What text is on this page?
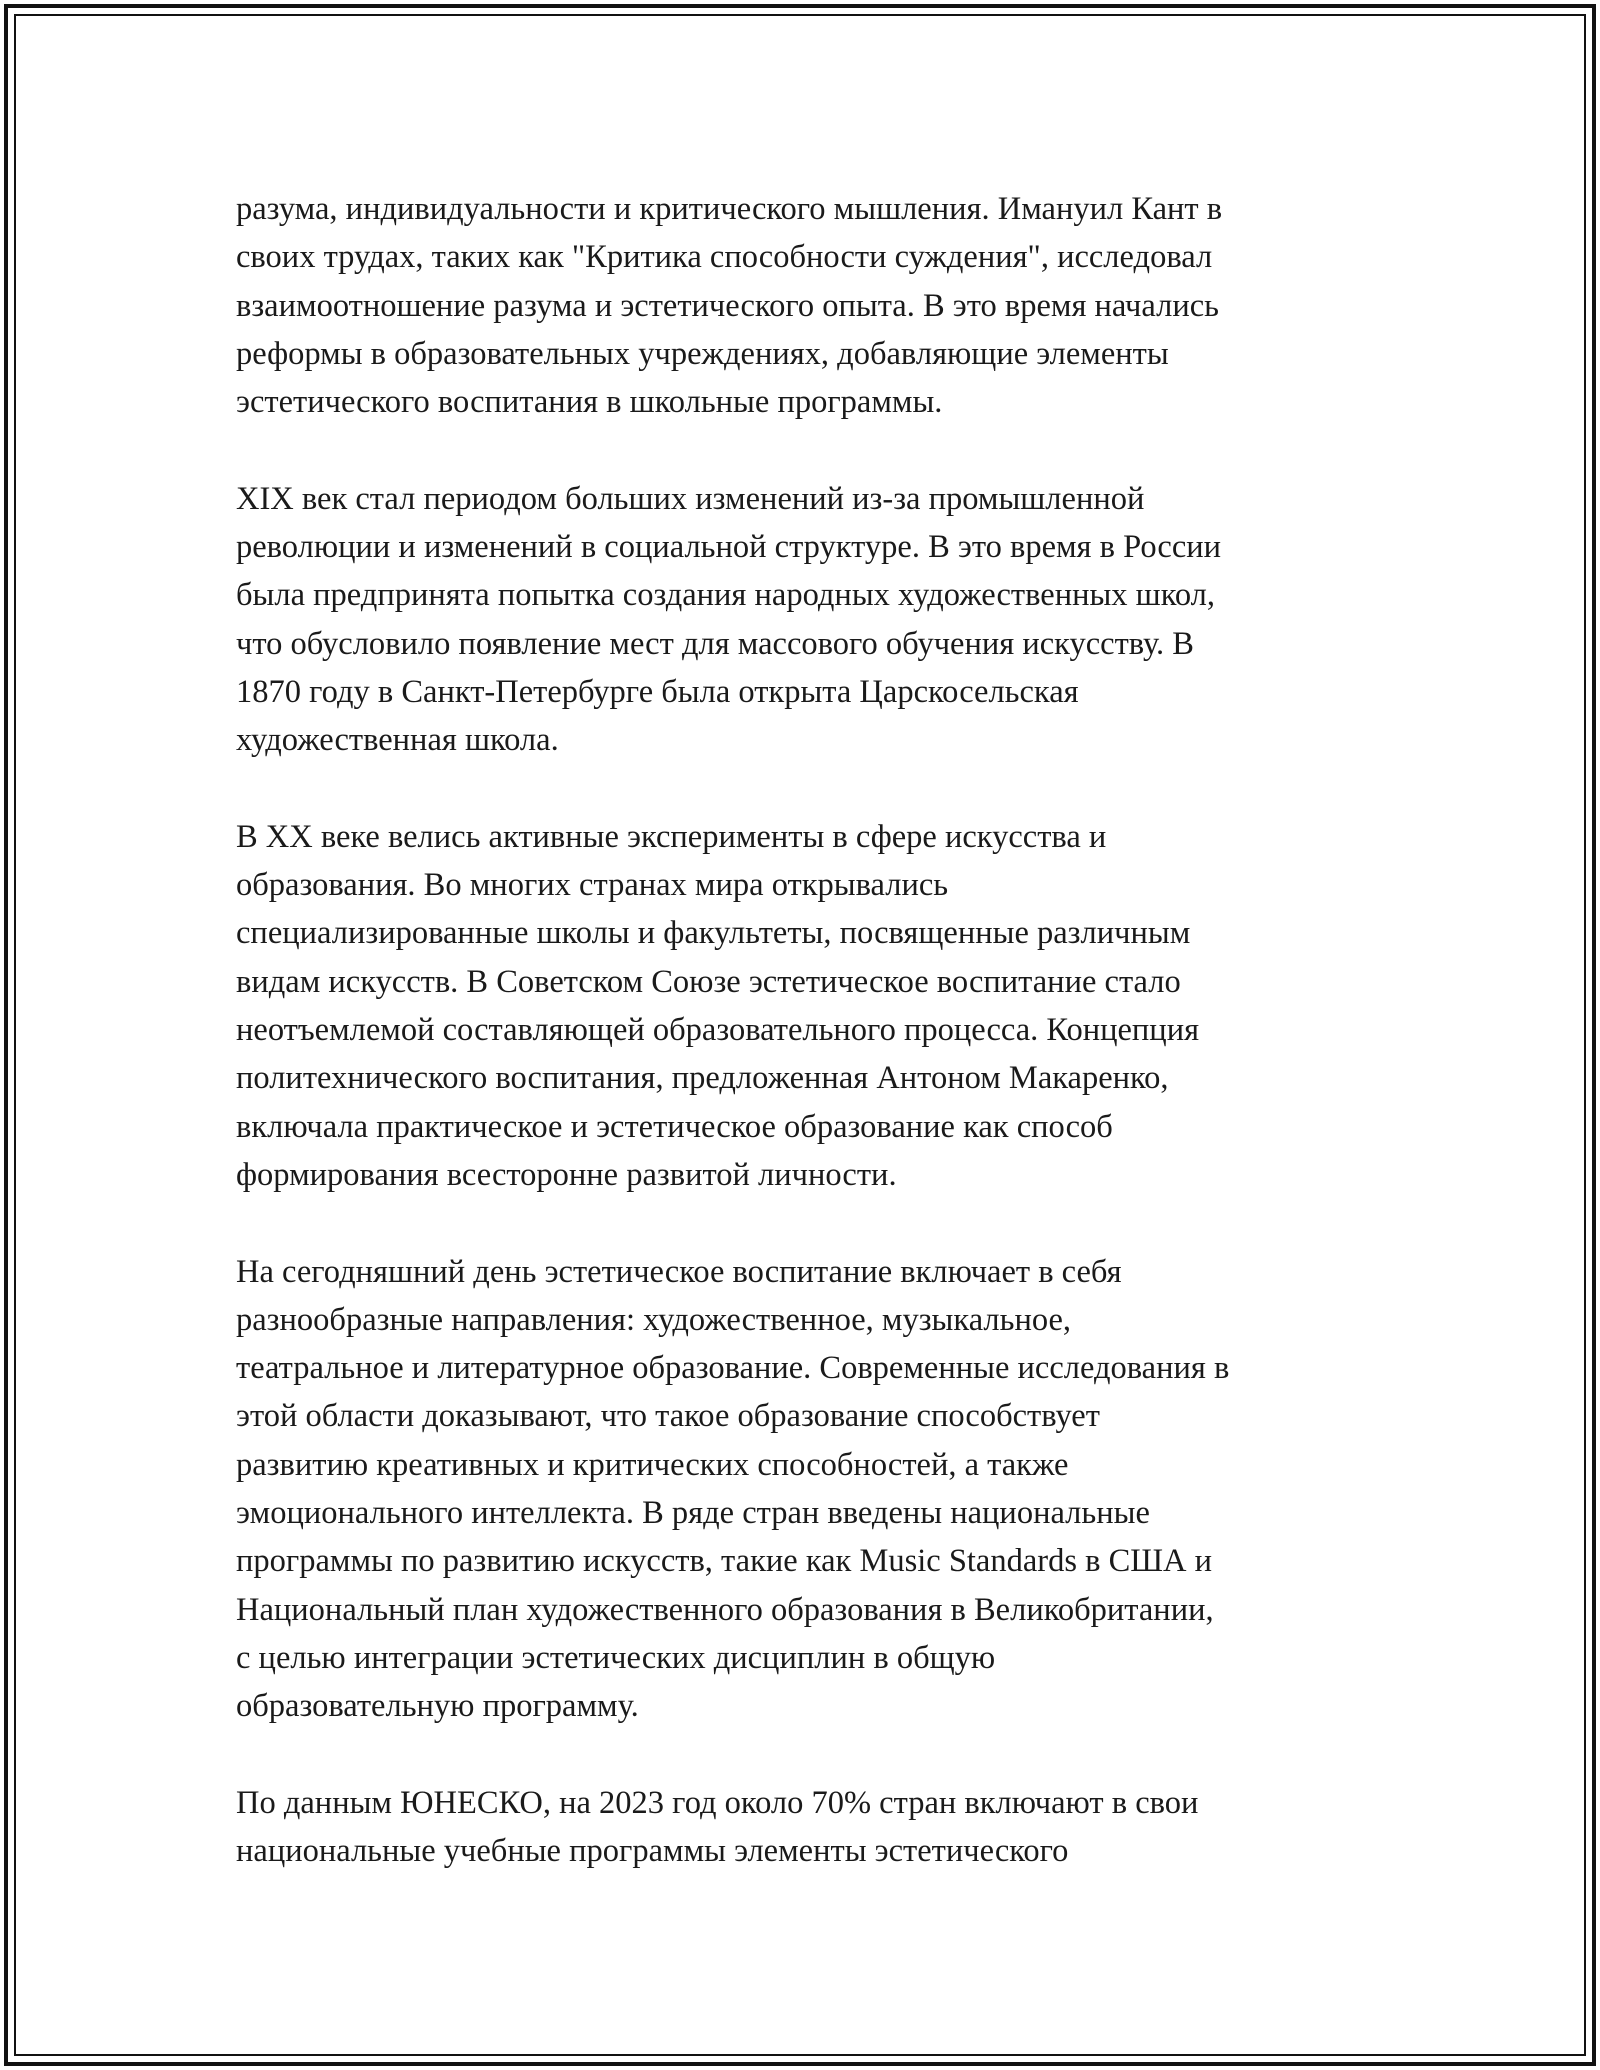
разума, индивидуальности и критического мышления. Имануил Кант в
своих трудах, таких как "Критика способности суждения", исследовал
взаимоотношение разума и эстетического опыта. В это время начались
реформы в образовательных учреждениях, добавляющие элементы
эстетического воспитания в школьные программы.

XIX век стал периодом больших изменений из-за промышленной
революции и изменений в социальной структуре. В это время в России
была предпринята попытка создания народных художественных школ,
что обусловило появление мест для массового обучения искусству. В
1870 году в Санкт-Петербурге была открыта Царскосельская
художественная школа.

В XX веке велись активные эксперименты в сфере искусства и
образования. Во многих странах мира открывались
специализированные школы и факультеты, посвященные различным
видам искусств. В Советском Союзе эстетическое воспитание стало
неотъемлемой составляющей образовательного процесса. Концепция
политехнического воспитания, предложенная Антоном Макаренко,
включала практическое и эстетическое образование как способ
формирования всесторонне развитой личности.

На сегодняшний день эстетическое воспитание включает в себя
разнообразные направления: художественное, музыкальное,
театральное и литературное образование. Современные исследования в
этой области доказывают, что такое образование способствует
развитию креативных и критических способностей, а также
эмоционального интеллекта. В ряде стран введены национальные
программы по развитию искусств, такие как Music Standards в США и
Национальный план художественного образования в Великобритании,
с целью интеграции эстетических дисциплин в общую
образовательную программу.

По данным ЮНЕСКО, на 2023 год около 70% стран включают в свои
национальные учебные программы элементы эстетического
